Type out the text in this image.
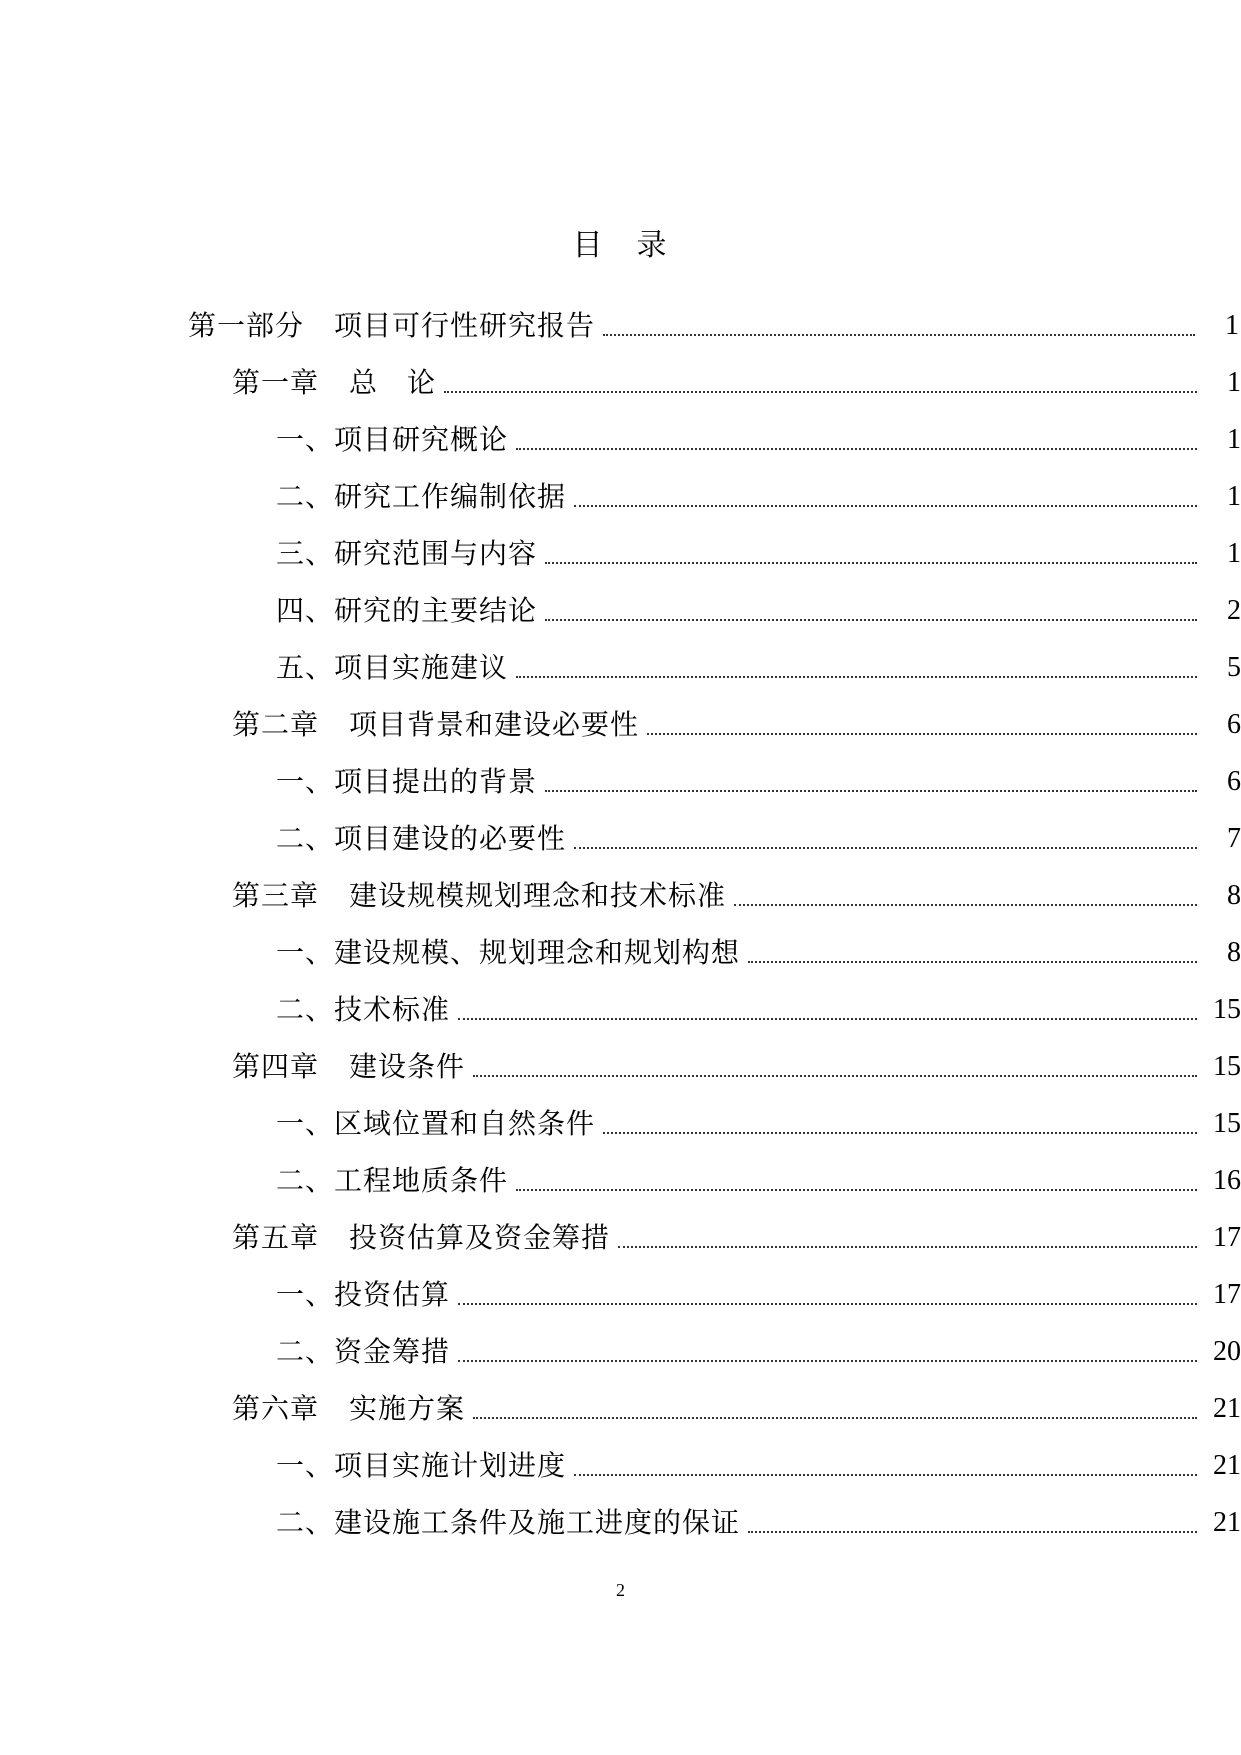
目　录
第一部分 项目可行性研究报告	1
第一章 总　论	1
一、项目研究概论	1
二、研究工作编制依据	1
三、研究范围与内容	1
四、研究的主要结论	2
五、项目实施建议	5
第二章 项目背景和建设必要性	6
一、项目提出的背景	6
二、项目建设的必要性	7
第三章 建设规模规划理念和技术标准	8
一、建设规模、规划理念和规划构想	8
二、技术标准	15
第四章 建设条件	15
一、区域位置和自然条件	15
二、工程地质条件	16
第五章 投资估算及资金筹措	17
一、投资估算	17
二、资金筹措	20
第六章 实施方案	21
一、项目实施计划进度	21
二、建设施工条件及施工进度的保证	21
2
